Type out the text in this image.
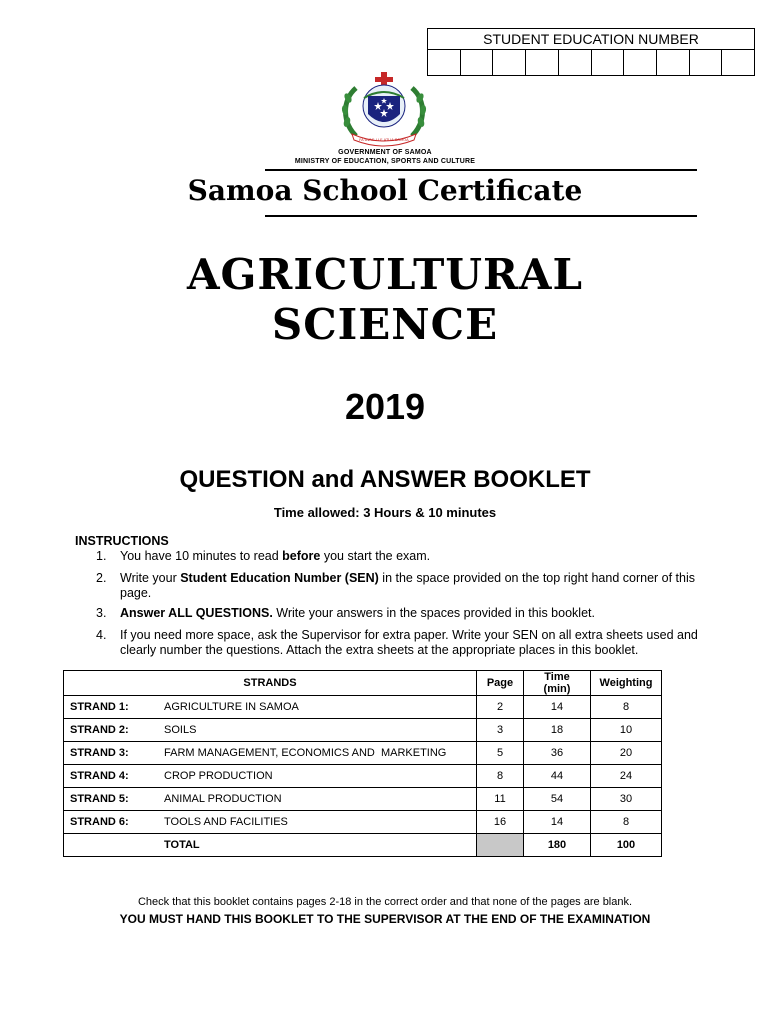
STUDENT EDUCATION NUMBER
FA'AVAE I LE ATUA SAMOA
GOVERNMENT OF SAMOA
MINISTRY OF EDUCATION, SPORTS AND CULTURE
Samoa School Certificate
AGRICULTURAL
SCIENCE
2019
QUESTION and ANSWER BOOKLET
Time allowed: 3 Hours & 10 minutes
INSTRUCTIONS
1. You have 10 minutes to read before you start the exam.
2. Write your Student Education Number (SEN) in the space provided on the top right hand corner of this page.
3. Answer ALL QUESTIONS. Write your answers in the spaces provided in this booklet.
4. If you need more space, ask the Supervisor for extra paper. Write your SEN on all extra sheets used and clearly number the questions. Attach the extra sheets at the appropriate places in this booklet.
STRANDS		Page	Time (min)	Weighting
STRAND 1:	AGRICULTURE IN SAMOA	2	14	8
STRAND 2:	SOILS	3	18	10
STRAND 3:	FARM MANAGEMENT, ECONOMICS AND  MARKETING	5	36	20
STRAND 4:	CROP PRODUCTION	8	44	24
STRAND 5:	ANIMAL PRODUCTION	11	54	30
STRAND 6:	TOOLS AND FACILITIES	16	14	8
	TOTAL		180	100
Check that this booklet contains pages 2-18 in the correct order and that none of the pages are blank.
YOU MUST HAND THIS BOOKLET TO THE SUPERVISOR AT THE END OF THE EXAMINATION
